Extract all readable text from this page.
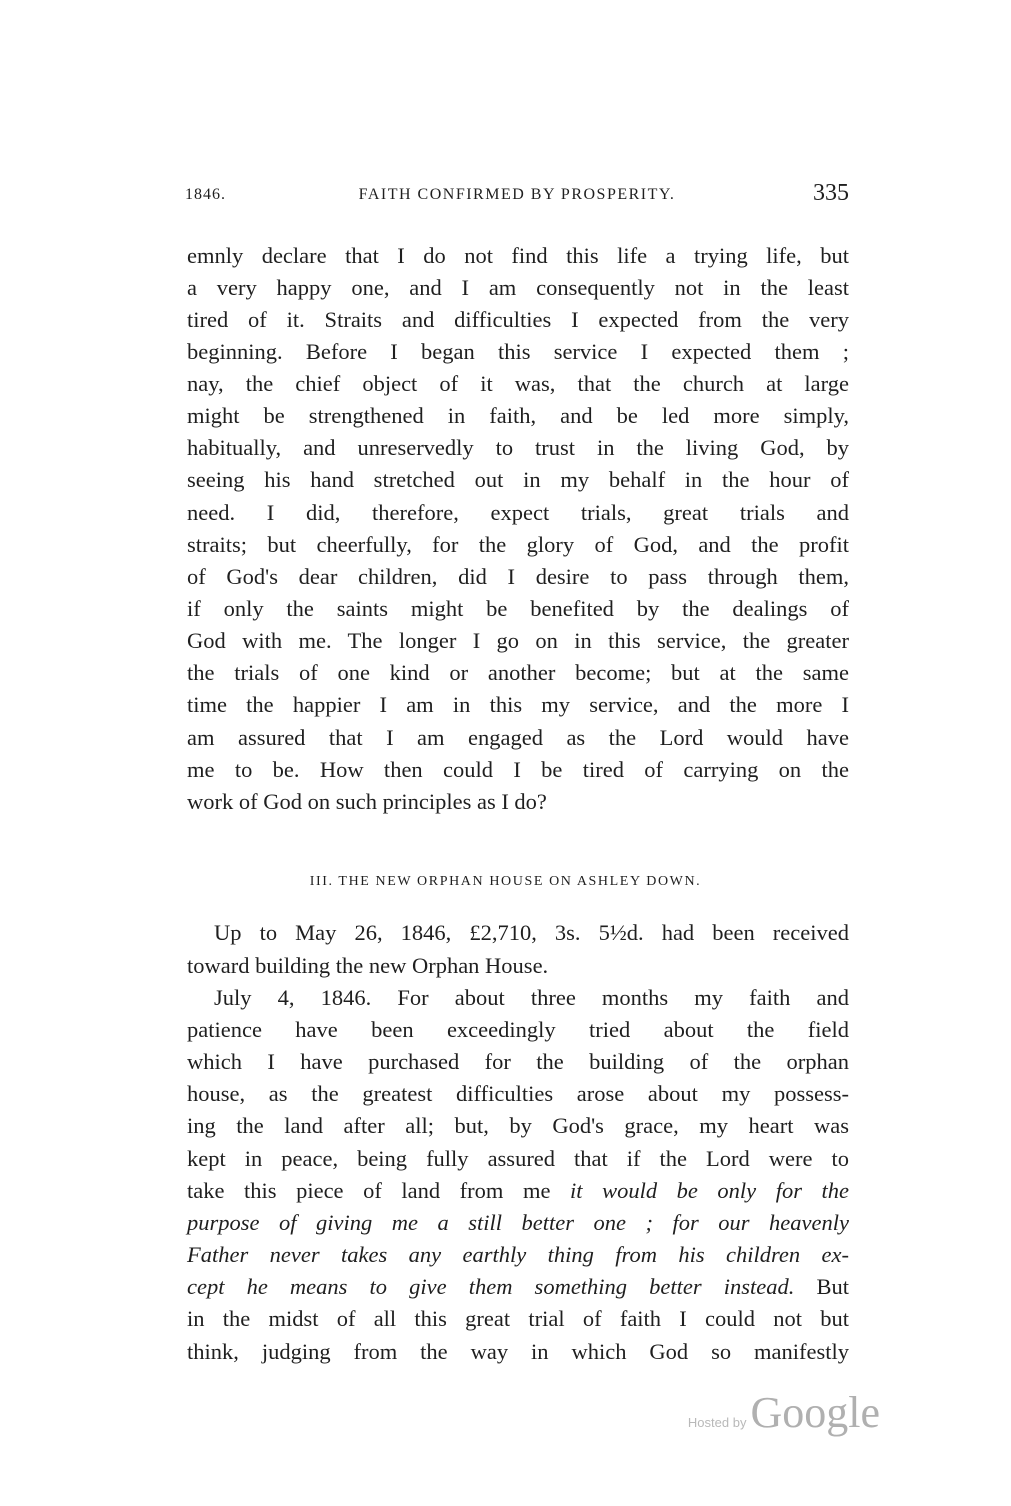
1846.	FAITH CONFIRMED BY PROSPERITY.	335
emnly declare that I do not find this life a trying life, but
a very happy one, and I am consequently not in the least
tired of it. Straits and difficulties I expected from the very
beginning. Before I began this service I expected them ;
nay, the chief object of it was, that the church at large
might be strengthened in faith, and be led more simply,
habitually, and unreservedly to trust in the living God, by
seeing his hand stretched out in my behalf in the hour of
need. I did, therefore, expect trials, great trials and
straits; but cheerfully, for the glory of God, and the profit
of God's dear children, did I desire to pass through them,
if only the saints might be benefited by the dealings of
God with me. The longer I go on in this service, the greater
the trials of one kind or another become; but at the same
time the happier I am in this my service, and the more I
am assured that I am engaged as the Lord would have
me to be. How then could I be tired of carrying on the
work of God on such principles as I do?
III. THE NEW ORPHAN HOUSE ON ASHLEY DOWN.
Up to May 26, 1846, £2,710, 3s. 5½d. had been received
toward building the new Orphan House.
July 4, 1846. For about three months my faith and
patience have been exceedingly tried about the field
which I have purchased for the building of the orphan
house, as the greatest difficulties arose about my possess-
ing the land after all; but, by God's grace, my heart was
kept in peace, being fully assured that if the Lord were to
take this piece of land from me it would be only for the
purpose of giving me a still better one ; for our heavenly
Father never takes any earthly thing from his children ex-
cept he means to give them something better instead. But
in the midst of all this great trial of faith I could not but
think, judging from the way in which God so manifestly
Hosted by Google
